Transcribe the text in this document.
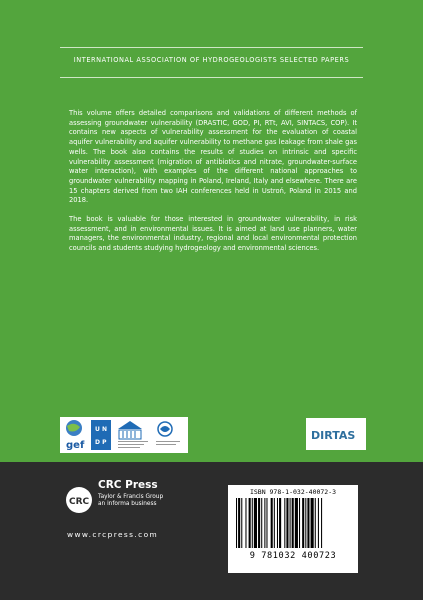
INTERNATIONAL ASSOCIATION OF HYDROGEOLOGISTS SELECTED PAPERS

This volume offers detailed comparisons and validations of different methods of assessing groundwater vulnerability (DRASTIC, GOD, PI, RTt, AVI, SINTACS, COP). It contains new aspects of vulnerability assessment for the evaluation of coastal aquifer vulnerability and aquifer vulnerability to methane gas leakage from shale gas wells. The book also contains the results of studies on intrinsic and specific vulnerability assessment (migration of antibiotics and nitrate, groundwater-surface water interaction), with examples of the different national approaches to groundwater vulnerability mapping in Poland, Ireland, Italy and elsewhere. There are 15 chapters derived from two IAH conferences held in Ustroń, Poland in 2015 and 2018.

The book is valuable for those interested in groundwater vulnerability, in risk assessment, and in environmental issues. It is aimed at land use planners, water managers, the environmental industry, regional and local environmental protection councils and students studying hydrogeology and environmental sciences.

gef
U N
D P
DIRTAS
CRC
CRC Press
Taylor & Francis Group
an informa business
www.crcpress.com
ISBN 978-1-032-40072-3
9 781032 400723
